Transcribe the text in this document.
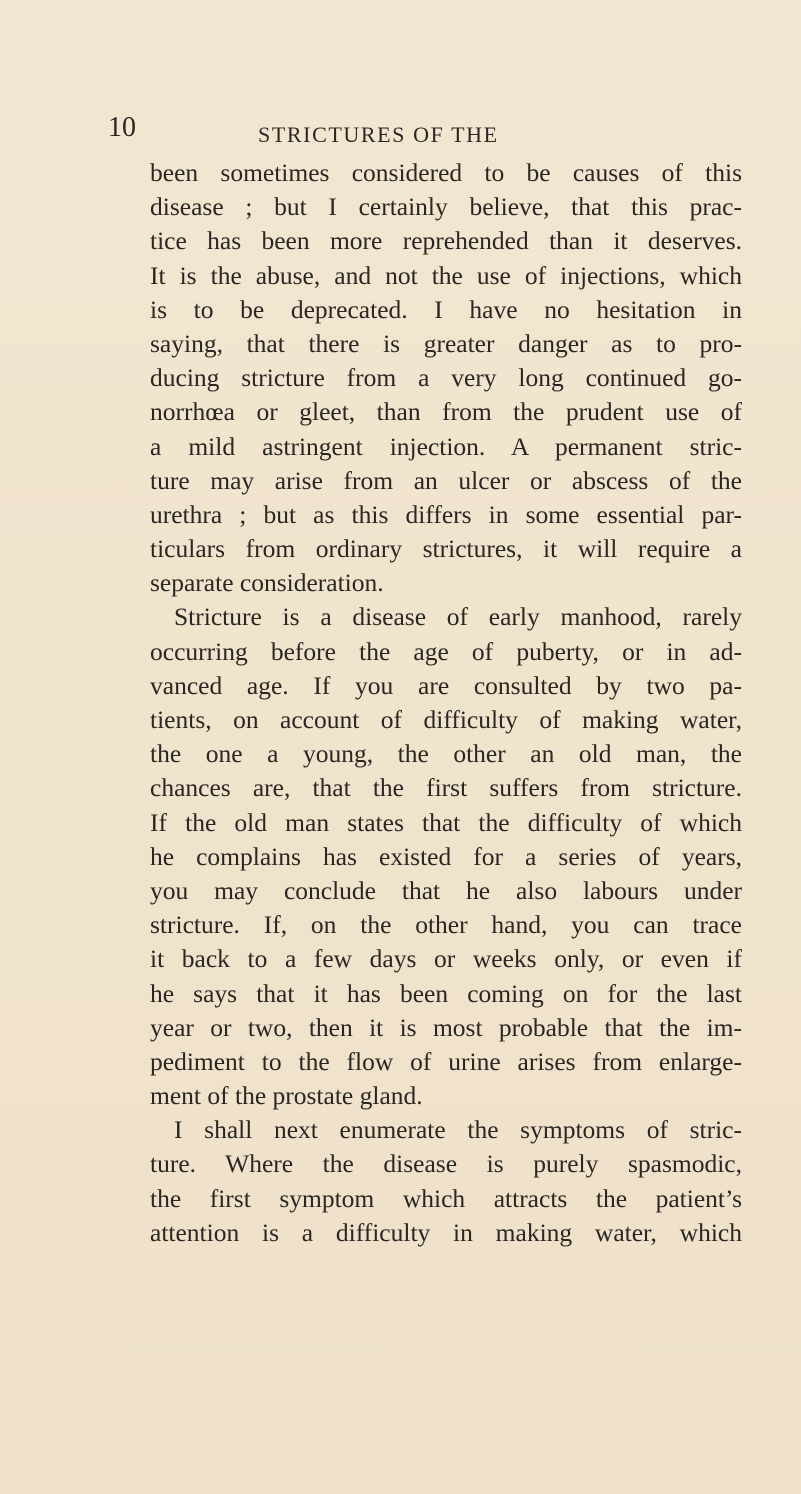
10	STRICTURES OF THE
been sometimes considered to be causes of this
disease ; but I certainly believe, that this prac-
tice has been more reprehended than it deserves.
It is the abuse, and not the use of injections, which
is to be deprecated. I have no hesitation in
saying, that there is greater danger as to pro-
ducing stricture from a very long continued go-
norrhœa or gleet, than from the prudent use of
a mild astringent injection. A permanent stric-
ture may arise from an ulcer or abscess of the
urethra ; but as this differs in some essential par-
ticulars from ordinary strictures, it will require a
separate consideration.
Stricture is a disease of early manhood, rarely
occurring before the age of puberty, or in ad-
vanced age. If you are consulted by two pa-
tients, on account of difficulty of making water,
the one a young, the other an old man, the
chances are, that the first suffers from stricture.
If the old man states that the difficulty of which
he complains has existed for a series of years,
you may conclude that he also labours under
stricture. If, on the other hand, you can trace
it back to a few days or weeks only, or even if
he says that it has been coming on for the last
year or two, then it is most probable that the im-
pediment to the flow of urine arises from enlarge-
ment of the prostate gland.
I shall next enumerate the symptoms of stric-
ture. Where the disease is purely spasmodic,
the first symptom which attracts the patient’s
attention is a difficulty in making water, which
